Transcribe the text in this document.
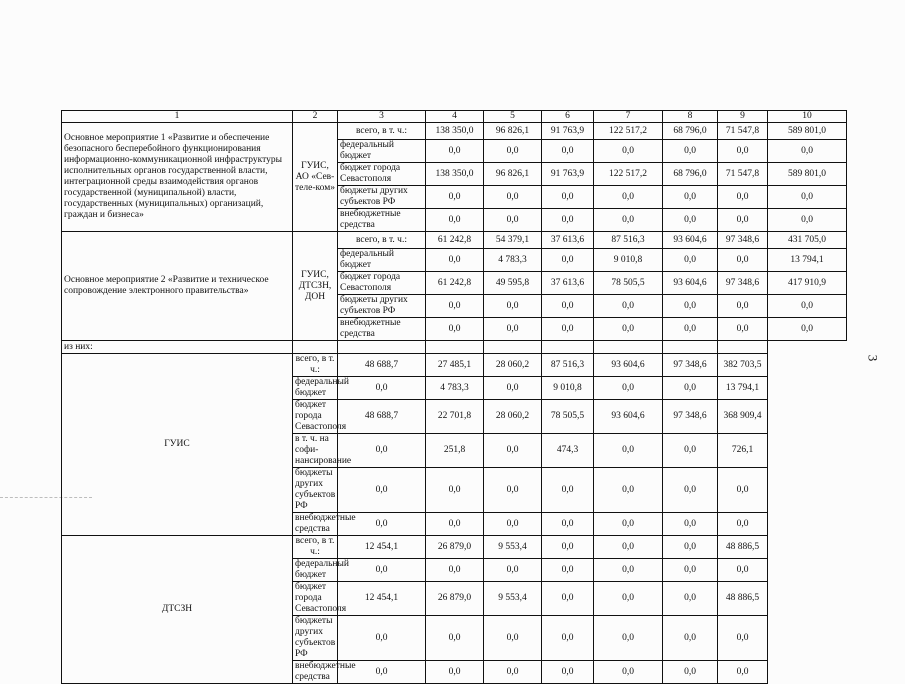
3
1	2	3	4	5	6	7	8	9	10
Основное мероприятие 1 «Развитие и обеспечение безопасного бесперебойного функционирования информационно-коммуникационной инфраструктуры исполнительных органов государственной власти, интеграционной среды взаимодействия органов государственной (муниципальной) власти, государственных (муниципальных) организаций, граждан и бизнеса»	ГУИС, АО «Сев-теле-ком»	всего, в т. ч.:	138 350,0	96 826,1	91 763,9	122 517,2	68 796,0	71 547,8	589 801,0
		федеральный бюджет	0,0	0,0	0,0	0,0	0,0	0,0	0,0
		бюджет города Севастополя	138 350,0	96 826,1	91 763,9	122 517,2	68 796,0	71 547,8	589 801,0
		бюджеты других субъектов РФ	0,0	0,0	0,0	0,0	0,0	0,0	0,0
		внебюджетные средства	0,0	0,0	0,0	0,0	0,0	0,0	0,0
Основное мероприятие 2 «Развитие и техническое сопровождение электронного правительства»	ГУИС, ДТСЗН, ДОН	всего, в т. ч.:	61 242,8	54 379,1	37 613,6	87 516,3	93 604,6	97 348,6	431 705,0
		федеральный бюджет	0,0	4 783,3	0,0	9 010,8	0,0	0,0	13 794,1
		бюджет города Севастополя	61 242,8	49 595,8	37 613,6	78 505,5	93 604,6	97 348,6	417 910,9
		бюджеты других субъектов РФ	0,0	0,0	0,0	0,0	0,0	0,0	0,0
		внебюджетные средства	0,0	0,0	0,0	0,0	0,0	0,0	0,0
из них:									
ГУИС	всего, в т. ч.:	48 688,7	27 485,1	28 060,2	87 516,3	93 604,6	97 348,6	382 703,5	
	федеральный бюджет	0,0	4 783,3	0,0	9 010,8	0,0	0,0	13 794,1	
	бюджет города Севастополя	48 688,7	22 701,8	28 060,2	78 505,5	93 604,6	97 348,6	368 909,4	
	в т. ч. на софи-нансирование	0,0	251,8	0,0	474,3	0,0	0,0	726,1	
	бюджеты других субъектов РФ	0,0	0,0	0,0	0,0	0,0	0,0	0,0	
	внебюджетные средства	0,0	0,0	0,0	0,0	0,0	0,0	0,0	
ДТСЗН	всего, в т. ч.:	12 454,1	26 879,0	9 553,4	0,0	0,0	0,0	48 886,5	
	федеральный бюджет	0,0	0,0	0,0	0,0	0,0	0,0	0,0	
	бюджет города Севастополя	12 454,1	26 879,0	9 553,4	0,0	0,0	0,0	48 886,5	
	бюджеты других субъектов РФ	0,0	0,0	0,0	0,0	0,0	0,0	0,0	
	внебюджетные средства	0,0	0,0	0,0	0,0	0,0	0,0	0,0	
